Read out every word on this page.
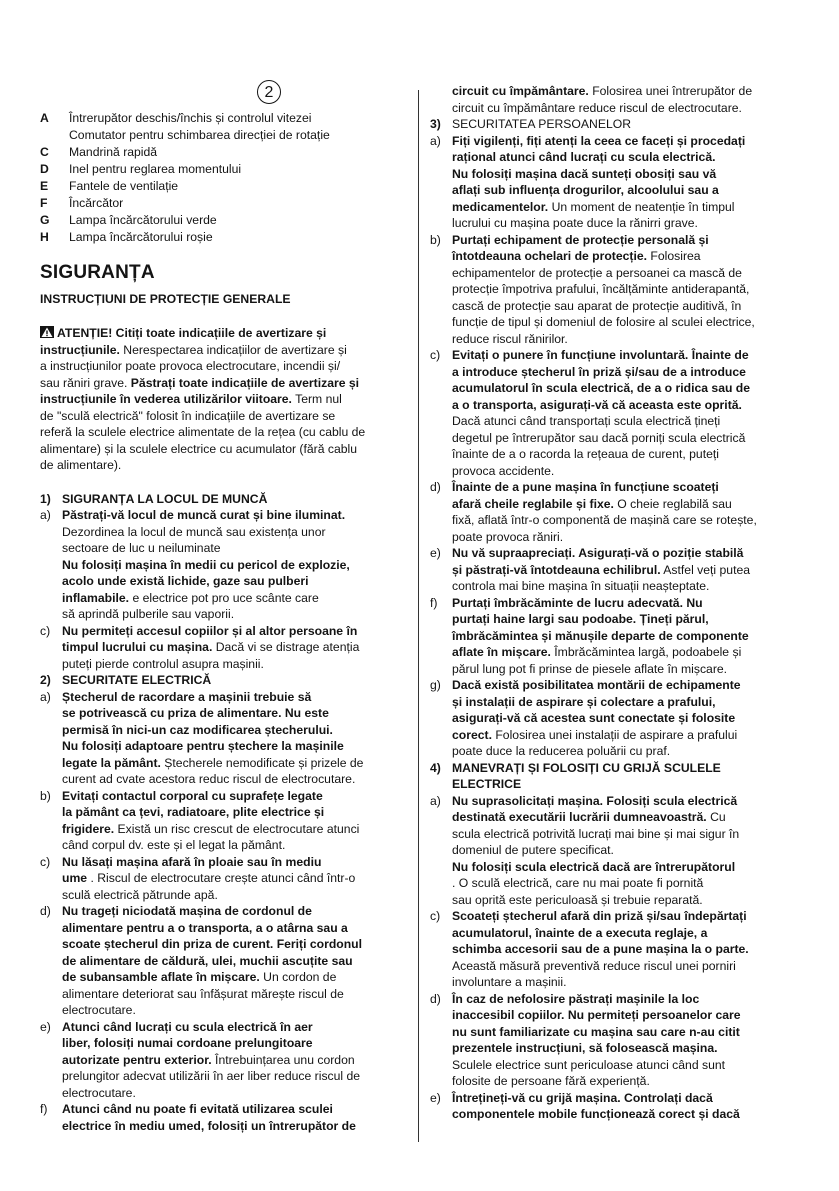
2
A Întrerupător deschis/închis și controlul vitezei
Comutator pentru schimbarea direcției de rotație
C Mandrină rapidă
D Inel pentru reglarea momentului
E Fantele de ventilație
F Încărcător
G Lampa încărcătorului verde
H Lampa încărcătorului roșie
SIGURANȚA
INSTRUCȚIUNI DE PROTECȚIE GENERALE
ATENȚIE! Citiți toate indicațiile de avertizare și
instrucțiunile. Nerespectarea indicațiilor de avertizare și
a instrucțiunilor poate provoca electrocutare, incendii și/
sau răniri grave. Păstrați toate indicațiile de avertizare și
instrucțiunile în vederea utilizărilor viitoare. Term nul
de "sculă electrică" folosit în indicațiile de avertizare se
referă la sculele electrice alimentate de la rețea (cu cablu de
alimentare) și la sculele electrice cu acumulator (fără cablu
de alimentare).
1) SIGURANȚA LA LOCUL DE MUNCĂ
a) Păstrați-vă locul de muncă curat și bine iluminat.
Dezordinea la locul de muncă sau existența unor
sectoare de luc u neiluminate
Nu folosiți mașina în medii cu pericol de explozie,
acolo unde există lichide, gaze sau pulberi
inflamabile. e electrice pot pro uce scânte care
să aprindă pulberile sau vaporii.
c) Nu permiteți accesul copiilor și al altor persoane în
timpul lucrului cu mașina. Dacă vi se distrage atenția
puteți pierde controlul asupra mașinii.
2) SECURITATE ELECTRICĂ
a) Ștecherul de racordare a mașinii trebuie să
se potrivească cu priza de alimentare. Nu este
permisă în nici-un caz modificarea ștecherului.
Nu folosiți adaptoare pentru ștechere la mașinile
legate la pământ. Ștecherele nemodificate și prizele de
curent ad cvate acestora reduc riscul de electrocutare.
b) Evitați contactul corporal cu suprafețe legate
la pământ ca țevi, radiatoare, plite electrice și
frigidere. Există un risc crescut de electrocutare atunci
când corpul dv. este și el legat la pământ.
c) Nu lăsați mașina afară în ploaie sau în mediu
ume . Riscul de electrocutare crește atunci când într-o
sculă electrică pătrunde apă.
d) Nu trageți niciodată mașina de cordonul de
alimentare pentru a o transporta, a o atârna sau a
scoate ștecherul din priza de curent. Feriți cordonul
de alimentare de căldură, ulei, muchii ascuțite sau
de subansamble aflate în mișcare. Un cordon de
alimentare deteriorat sau înfășurat mărește riscul de
electrocutare.
e) Atunci când lucrați cu scula electrică în aer
liber, folosiți numai cordoane prelungitoare
autorizate pentru exterior. Întrebuințarea unu cordon
prelungitor adecvat utilizării în aer liber reduce riscul de
electrocutare.
f) Atunci când nu poate fi evitată utilizarea sculei
electrice în mediu umed, folosiți un întrerupător de
circuit cu împământare. Folosirea unei întrerupător de
circuit cu împământare reduce riscul de electrocutare.
3) SECURITATEA PERSOANELOR
a) Fiți vigilenți, fiți atenți la ceea ce faceți și procedați
rațional atunci când lucrați cu scula electrică.
Nu folosiți mașina dacă sunteți obosiți sau vă
aflați sub influența drogurilor, alcoolului sau a
medicamentelor. Un moment de neatenție în timpul
lucrului cu mașina poate duce la rănirri grave.
b) Purtați echipament de protecție personală și
întotdeauna ochelari de protecție. Folosirea
echipamentelor de protecție a persoanei ca mască de
protecție împotriva prafului, încălțăminte antiderapantă,
cască de protecție sau aparat de protecție auditivă, în
funcție de tipul și domeniul de folosire al sculei electrice,
reduce riscul rănirilor.
c) Evitați o punere în funcțiune involuntară. Înainte de
a introduce ștecherul în priză și/sau de a introduce
acumulatorul în scula electrică, de a o ridica sau de
a o transporta, asigurați-vă că aceasta este oprită.
Dacă atunci când transportați scula electrică țineți
degetul pe întrerupător sau dacă porniți scula electrică
înainte de a o racorda la rețeaua de curent, puteți
provoca accidente.
d) Înainte de a pune mașina în funcțiune scoateți
afară cheile reglabile și fixe. O cheie reglabilă sau
fixă, aflată într-o componentă de mașină care se rotește,
poate provoca răniri.
e) Nu vă supraapreciați. Asigurați-vă o poziție stabilă
și păstrați-vă întotdeauna echilibrul. Astfel veți putea
controla mai bine mașina în situații neașteptate.
f) Purtați îmbrăcăminte de lucru adecvată. Nu
purtați haine largi sau podoabe. Țineți părul,
îmbrăcămintea și mănușile departe de componente
aflate în mișcare. Îmbrăcămintea largă, podoabele și
părul lung pot fi prinse de piesele aflate în mișcare.
g) Dacă există posibilitatea montării de echipamente
și instalații de aspirare și colectare a prafului,
asigurați-vă că acestea sunt conectate și folosite
corect. Folosirea unei instalații de aspirare a prafului
poate duce la reducerea poluării cu praf.
4) MANEVRAȚI ȘI FOLOSIȚI CU GRIJĂ SCULELE
ELECTRICE
a) Nu suprasolicitați mașina. Folosiți scula electrică
destinată executării lucrării dumneavoastră. Cu
scula electrică potrivită lucrați mai bine și mai sigur în
domeniul de putere specificat.
Nu folosiți scula electrică dacă are întrerupătorul
. O sculă electrică, care nu mai poate fi pornită
sau oprită este periculoasă și trebuie reparată.
c) Scoateți ștecherul afară din priză și/sau îndepărtați
acumulatorul, înainte de a executa reglaje, a
schimba accesorii sau de a pune mașina la o parte.
Această măsură preventivă reduce riscul unei porniri
involuntare a mașinii.
d) În caz de nefolosire păstrați mașinile la loc
inaccesibil copiilor. Nu permiteți persoanelor care
nu sunt familiarizate cu mașina sau care n-au citit
prezentele instrucțiuni, să folosească mașina.
Sculele electrice sunt periculoase atunci când sunt
folosite de persoane fără experiență.
e) Întrețineți-vă cu grijă mașina. Controlați dacă
componentele mobile funcționează corect și dacă
